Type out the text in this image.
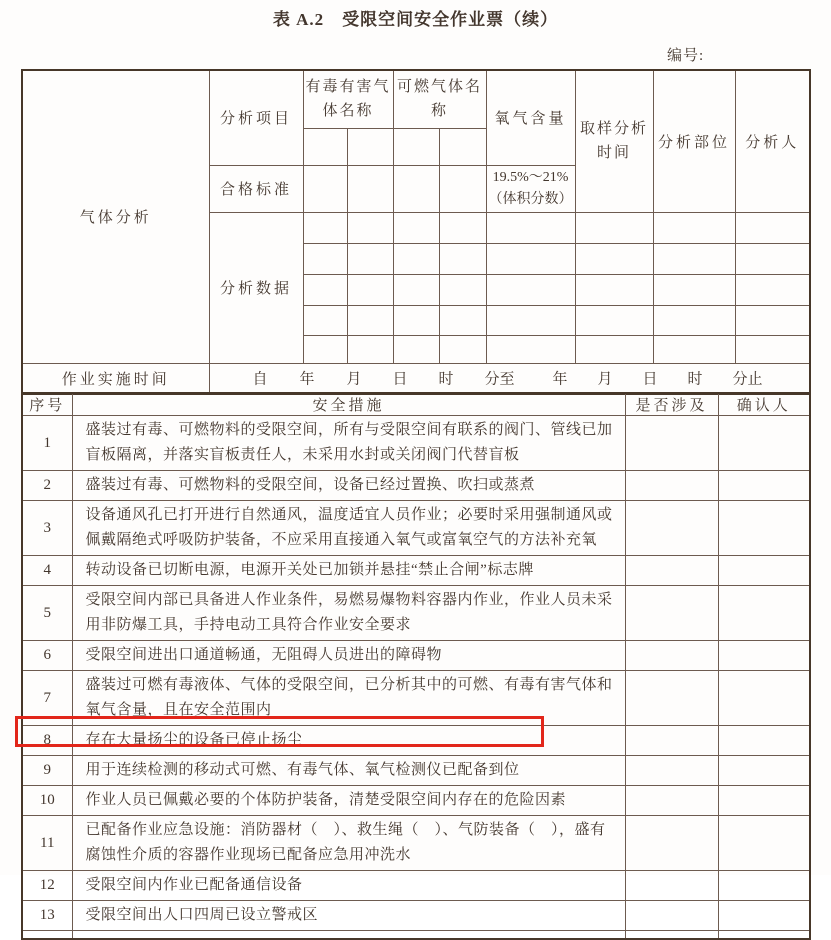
表 A.2　受限空间安全作业票（续）
编号:
气体分析	分析项目	有毒有害气体名称		可燃气体名称		氧气含量	取样分析时间	分析部位	分析人

	合格标准					19.5%～21%
（体积分数）			

	分析数据								

作业实施时间	自 年 月 日 时 分至	年 月 日 时 分止
序号	安全措施	是否涉及	确认人
1	盛装过有毒、可燃物料的受限空间，所有与受限空间有联系的阀门、管线已加盲板隔离，并落实盲板责任人，未采用水封或关闭阀门代替盲板		
2	盛装过有毒、可燃物料的受限空间，设备已经过置换、吹扫或蒸煮		
3	设备通风孔已打开进行自然通风，温度适宜人员作业；必要时采用强制通风或佩戴隔绝式呼吸防护装备，不应采用直接通入氧气或富氧空气的方法补充氧		
4	转动设备已切断电源，电源开关处已加锁并悬挂“禁止合闸”标志牌		
5	受限空间内部已具备进人作业条件，易燃易爆物料容器内作业，作业人员未采用非防爆工具，手持电动工具符合作业安全要求		
6	受限空间进出口通道畅通，无阻碍人员进出的障碍物		
7	盛装过可燃有毒液体、气体的受限空间，已分析其中的可燃、有毒有害气体和氧气含量，且在安全范围内		
8	存在大量扬尘的设备已停止扬尘		
9	用于连续检测的移动式可燃、有毒气体、氧气检测仪已配备到位		
10	作业人员已佩戴必要的个体防护装备，清楚受限空间内存在的危险因素		
11	已配备作业应急设施：消防器材（　）、救生绳（　）、气防装备（　），盛有腐蚀性介质的容器作业现场已配备应急用冲洗水		
12	受限空间内作业已配备通信设备		
13	受限空间出人口四周已设立警戒区		
